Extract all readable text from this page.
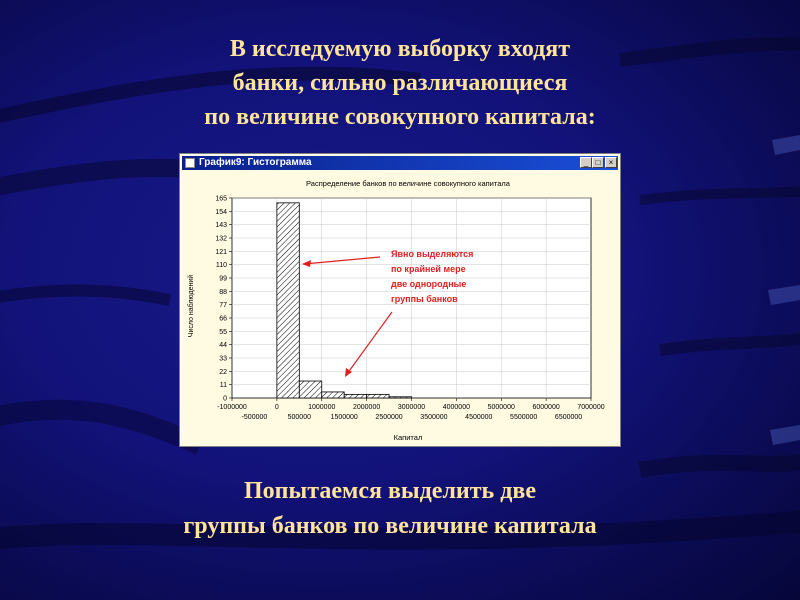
В исследуемую выборку входят
банки, сильно различающиеся
по величине совокупного капитала:
График9: Гистограмма	_ □	×
Распределение банков по величине совокупного капитала
0
11
22
33
44
55
66
77
88
99
110
121
132
143
154
165
-1000000	0	1000000	2000000	3000000	4000000	5000000	6000000	7000000
-500000	500000	1500000	2500000	3500000	4500000	5500000	6500000
Число наблюдений
Капитал
Явно выделяются
по крайней мере
две однородные
группы банков
Попытаемся выделить две
группы банков по величине капитала
